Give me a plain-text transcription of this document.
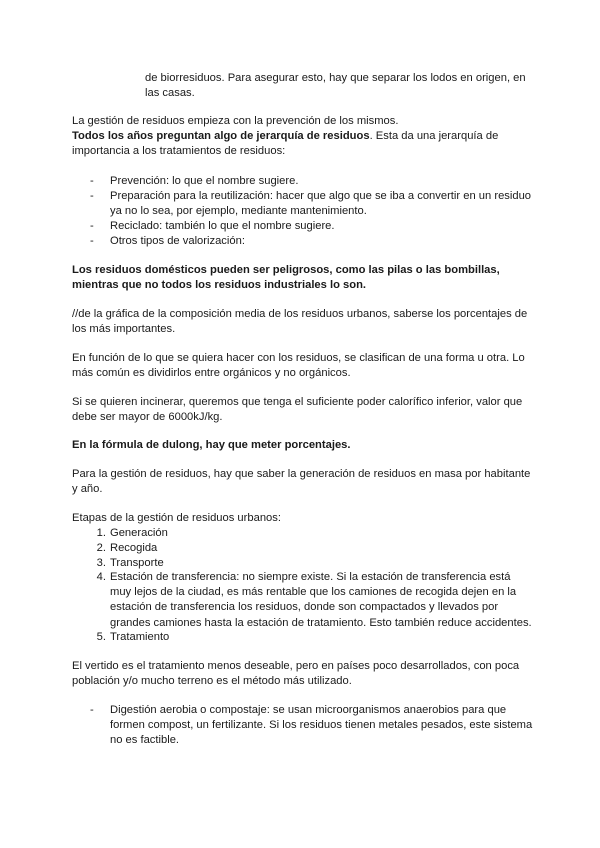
de biorresiduos. Para asegurar esto, hay que separar los lodos en origen, en
las casas.
La gestión de residuos empieza con la prevención de los mismos.
Todos los años preguntan algo de jerarquía de residuos. Esta da una jerarquía de
importancia a los tratamientos de residuos:
-	Prevención: lo que el nombre sugiere.
-	Preparación para la reutilización: hacer que algo que se iba a convertir en un residuo
ya no lo sea, por ejemplo, mediante mantenimiento.
-	Reciclado: también lo que el nombre sugiere.
-	Otros tipos de valorización:
Los residuos domésticos pueden ser peligrosos, como las pilas o las bombillas,
mientras que no todos los residuos industriales lo son.
//de la gráfica de la composición media de los residuos urbanos, saberse los porcentajes de
los más importantes.
En función de lo que se quiera hacer con los residuos, se clasifican de una forma u otra. Lo
más común es dividirlos entre orgánicos y no orgánicos.
Si se quieren incinerar, queremos que tenga el suficiente poder calorífico inferior, valor que
debe ser mayor de 6000kJ/kg.
En la fórmula de dulong, hay que meter porcentajes.
Para la gestión de residuos, hay que saber la generación de residuos en masa por habitante
y año.
Etapas de la gestión de residuos urbanos:
1. Generación
2. Recogida
3. Transporte
4. Estación de transferencia: no siempre existe. Si la estación de transferencia está
muy lejos de la ciudad, es más rentable que los camiones de recogida dejen en la
estación de transferencia los residuos, donde son compactados y llevados por
grandes camiones hasta la estación de tratamiento. Esto también reduce accidentes.
5. Tratamiento
El vertido es el tratamiento menos deseable, pero en países poco desarrollados, con poca
población y/o mucho terreno es el método más utilizado.
-	Digestión aerobia o compostaje: se usan microorganismos anaerobios para que
formen compost, un fertilizante. Si los residuos tienen metales pesados, este sistema
no es factible.
